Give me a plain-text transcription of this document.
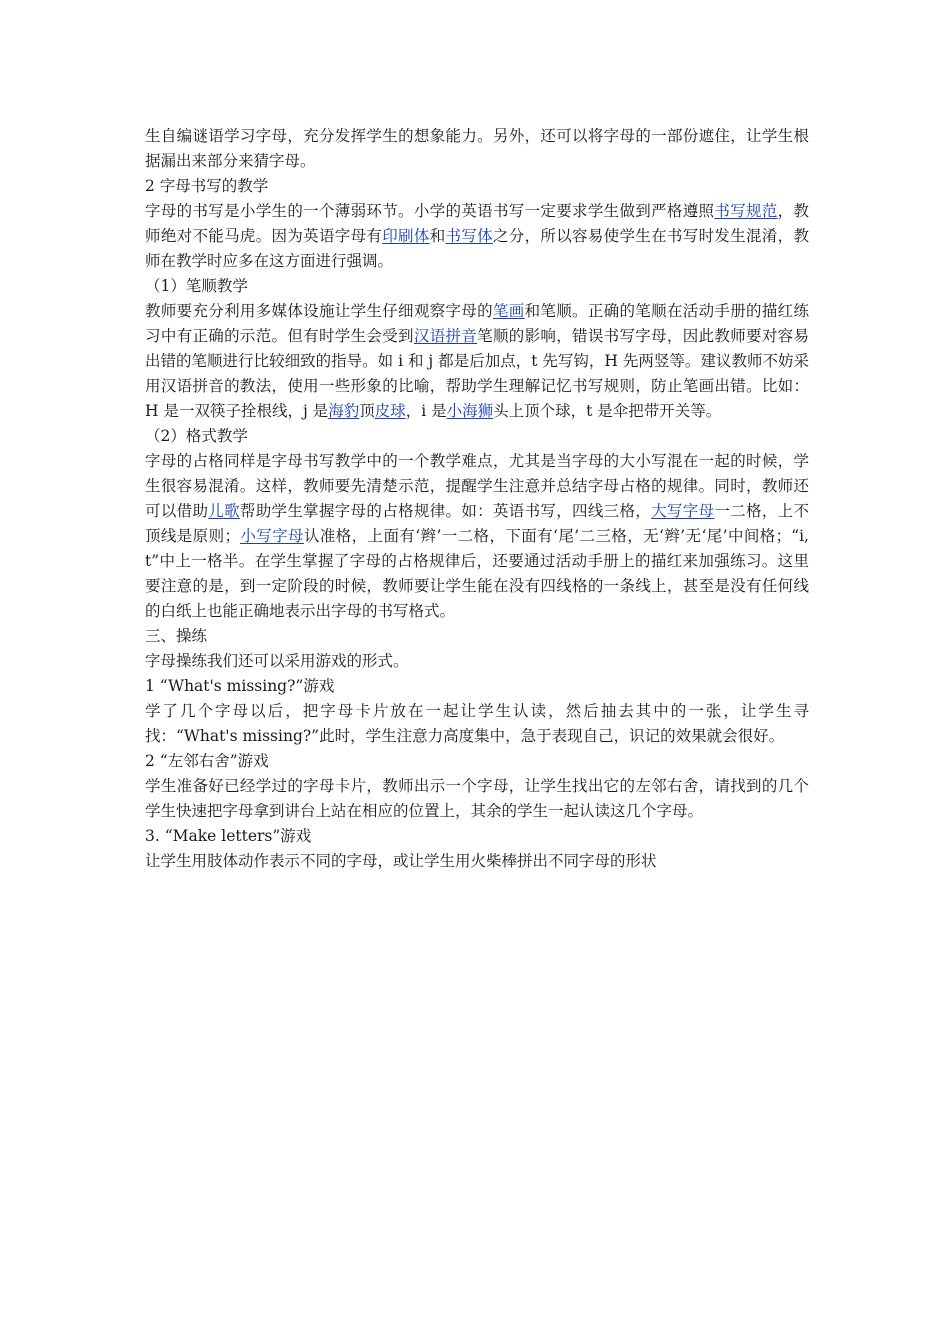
生自编谜语学习字母，充分发挥学生的想象能力。另外，还可以将字母的一部份遮住，让学生根据漏出来部分来猜字母。

2 字母书写的教学

字母的书写是小学生的一个薄弱环节。小学的英语书写一定要求学生做到严格遵照书写规范，教师绝对不能马虎。因为英语字母有印刷体和书写体之分，所以容易使学生在书写时发生混淆，教师在教学时应多在这方面进行强调。

（1）笔顺教学

教师要充分利用多媒体设施让学生仔细观察字母的笔画和笔顺。正确的笔顺在活动手册的描红练习中有正确的示范。但有时学生会受到汉语拼音笔顺的影响，错误书写字母，因此教师要对容易出错的笔顺进行比较细致的指导。如 i 和 j 都是后加点，t 先写钩，H 先两竖等。建议教师不妨采用汉语拼音的教法，使用一些形象的比喻，帮助学生理解记忆书写规则，防止笔画出错。比如：H 是一双筷子拴根线，j 是海豹顶皮球，i 是小海狮头上顶个球，t 是伞把带开关等。

（2）格式教学

字母的占格同样是字母书写教学中的一个教学难点，尤其是当字母的大小写混在一起的时候，学生很容易混淆。这样，教师要先清楚示范，提醒学生注意并总结字母占格的规律。同时，教师还可以借助儿歌帮助学生掌握字母的占格规律。如：英语书写，四线三格，大写字母一二格，上不顶线是原则；小写字母认准格，上面有‘辫’一二格，下面有‘尾’二三格，无‘辫’无‘尾’中间格；“i, t”中上一格半。在学生掌握了字母的占格规律后，还要通过活动手册上的描红来加强练习。这里要注意的是，到一定阶段的时候，教师要让学生能在没有四线格的一条线上，甚至是没有任何线的白纸上也能正确地表示出字母的书写格式。

三、操练

字母操练我们还可以采用游戏的形式。

1 “What's missing?”游戏

学了几个字母以后，把字母卡片放在一起让学生认读，然后抽去其中的一张，让学生寻找：“What's missing?”此时，学生注意力高度集中，急于表现自己，识记的效果就会很好。

2 “左邻右舍”游戏

学生准备好已经学过的字母卡片，教师出示一个字母，让学生找出它的左邻右舍，请找到的几个学生快速把字母拿到讲台上站在相应的位置上，其余的学生一起认读这几个字母。

3. “Make letters”游戏

让学生用肢体动作表示不同的字母，或让学生用火柴棒拼出不同字母的形状
